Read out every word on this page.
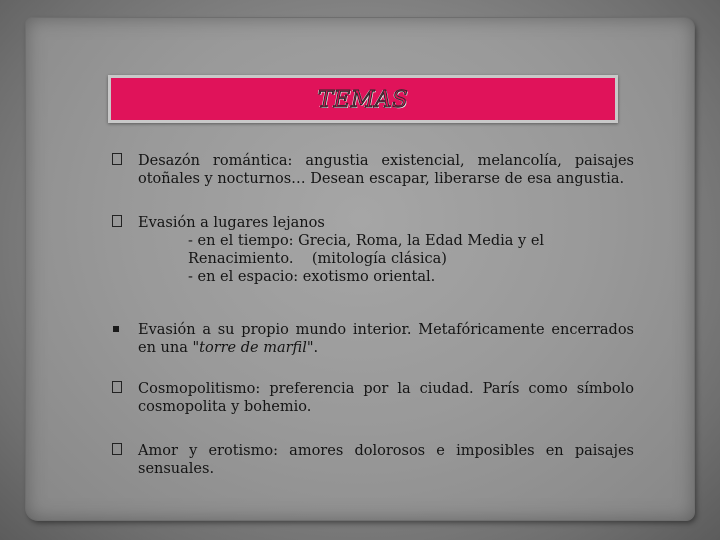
TEMAS
Desazón romántica: angustia existencial, melancolía, paisajes otoñales y nocturnos… Desean escapar, liberarse de esa angustia.
Evasión a lugares lejanos
- en el tiempo: Grecia, Roma, la Edad Media y el Renacimiento.    (mitología clásica)
- en el espacio: exotismo oriental.
Evasión a su propio mundo interior. Metafóricamente encerrados en una "torre de marfil".
Cosmopolitismo: preferencia por la ciudad. París como símbolo cosmopolita y bohemio.
Amor y erotismo: amores dolorosos e imposibles en paisajes sensuales.
